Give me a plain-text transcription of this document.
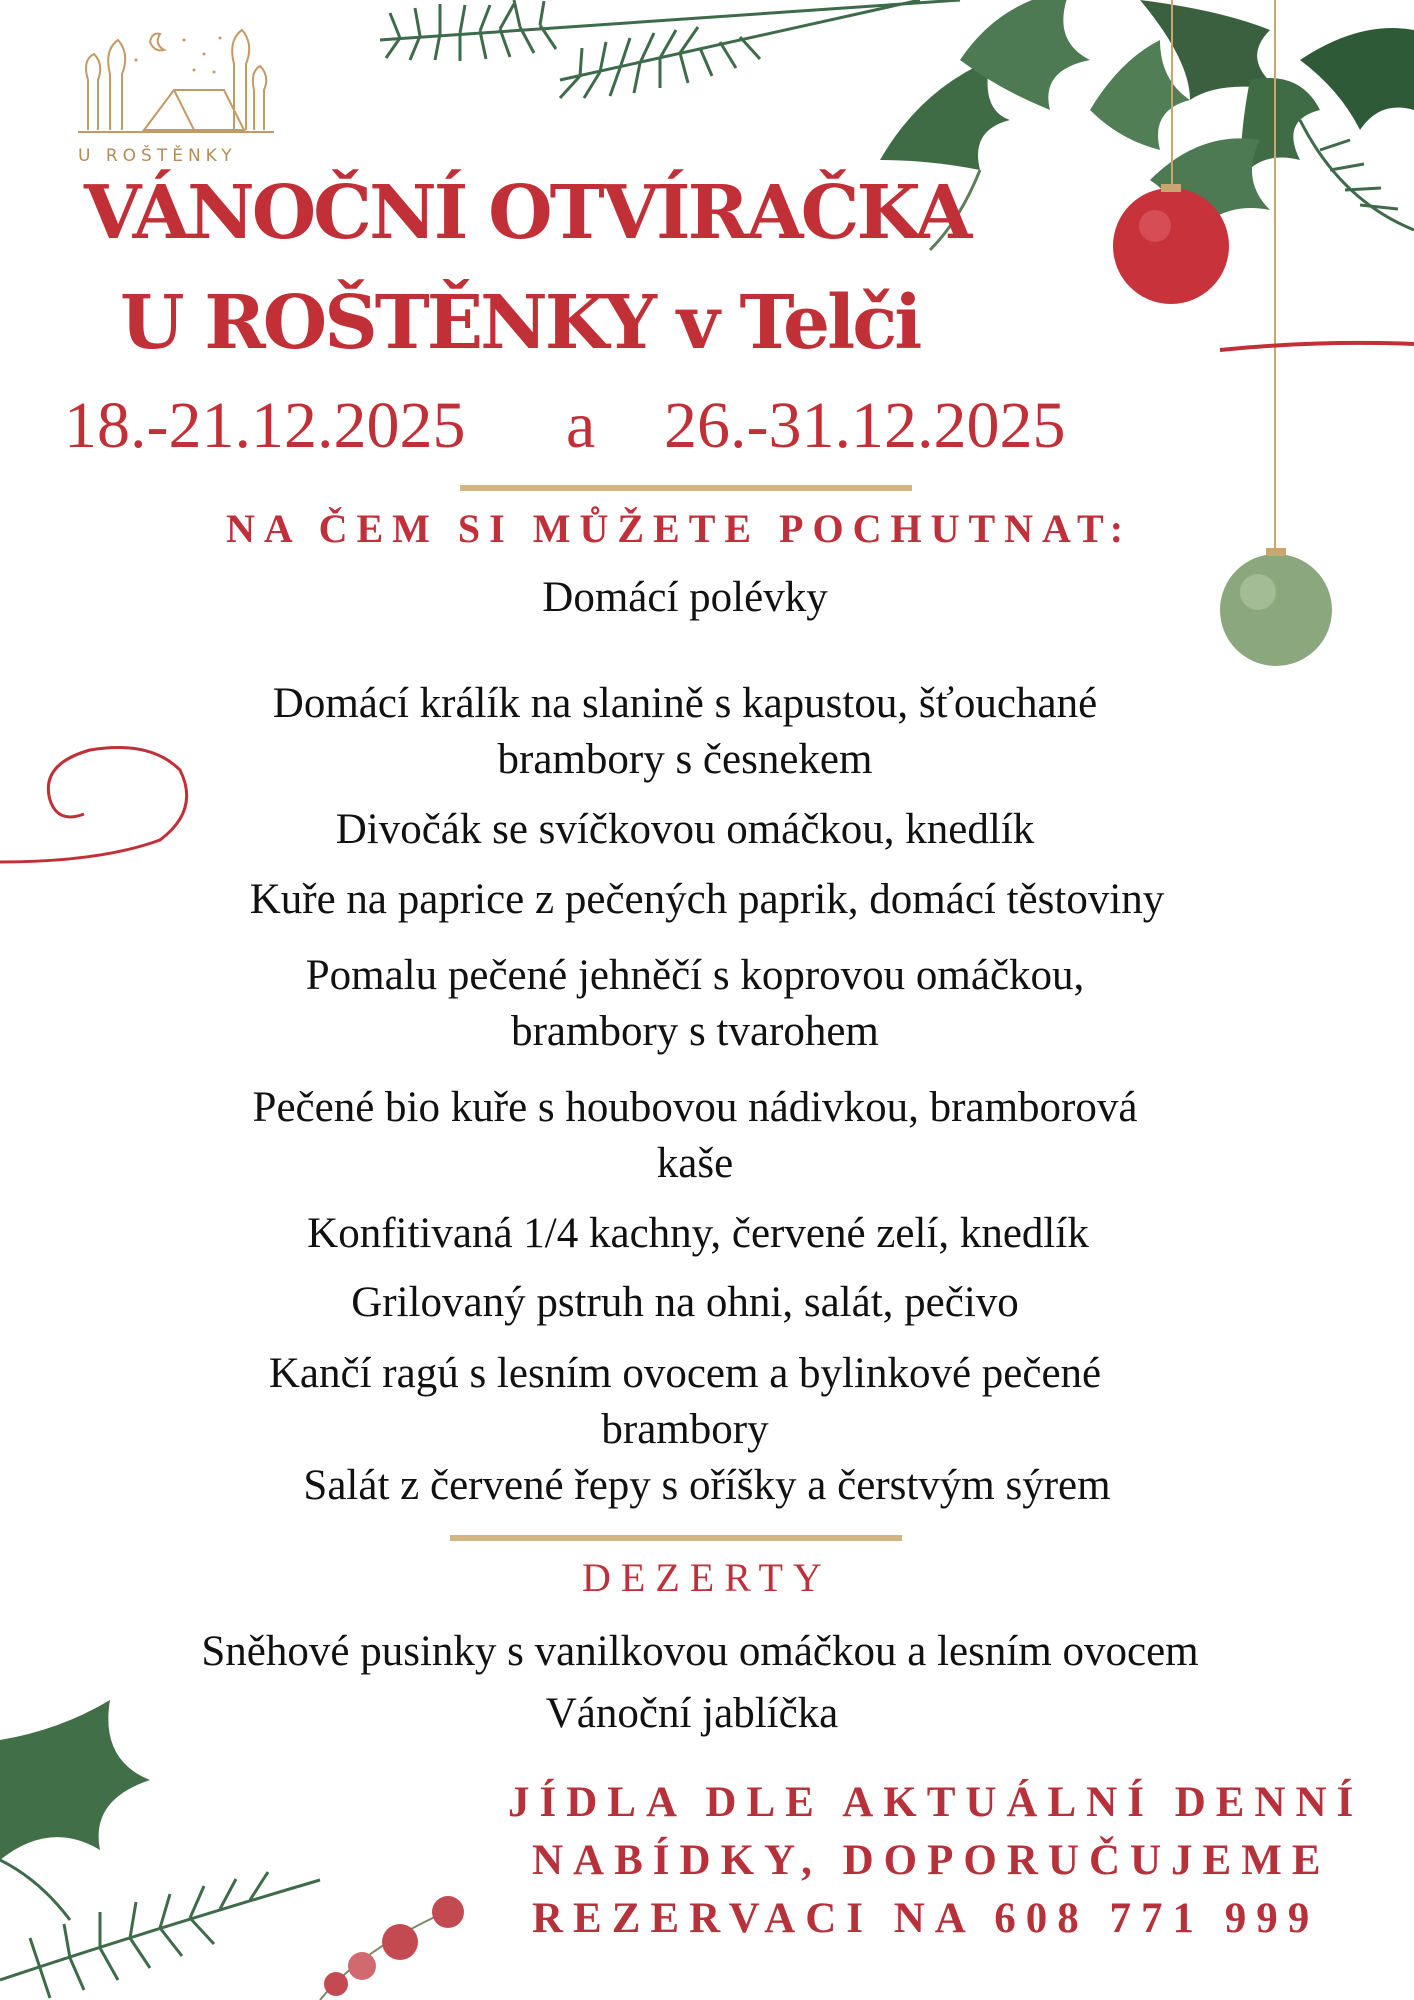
U ROŠTĚNKY
VÁNOČNÍ OTVÍRAČKA
U ROŠTĚNKY v Telči
18.-21.12.2025 a 26.-31.12.2025
NA ČEM SI MŮŽETE POCHUTNAT:
Domácí polévky
Domácí králík na slanině s kapustou, šťouchané
brambory s česnekem
Divočák se svíčkovou omáčkou, knedlík
Kuře na paprice z pečených paprik, domácí těstoviny
Pomalu pečené jehněčí s koprovou omáčkou,
brambory s tvarohem
Pečené bio kuře s houbovou nádivkou, bramborová
kaše
Konfitivaná 1/4 kachny, červené zelí, knedlík
Grilovaný pstruh na ohni, salát, pečivo
Kančí ragú s lesním ovocem a bylinkové pečené
brambory
Salát z červené řepy s oříšky a čerstvým sýrem
DEZERTY
Sněhové pusinky s vanilkovou omáčkou a lesním ovocem
Vánoční jablíčka
JÍDLA DLE AKTUÁLNÍ DENNÍ
NABÍDKY, DOPORUČUJEME
REZERVACI NA 608 771 999
